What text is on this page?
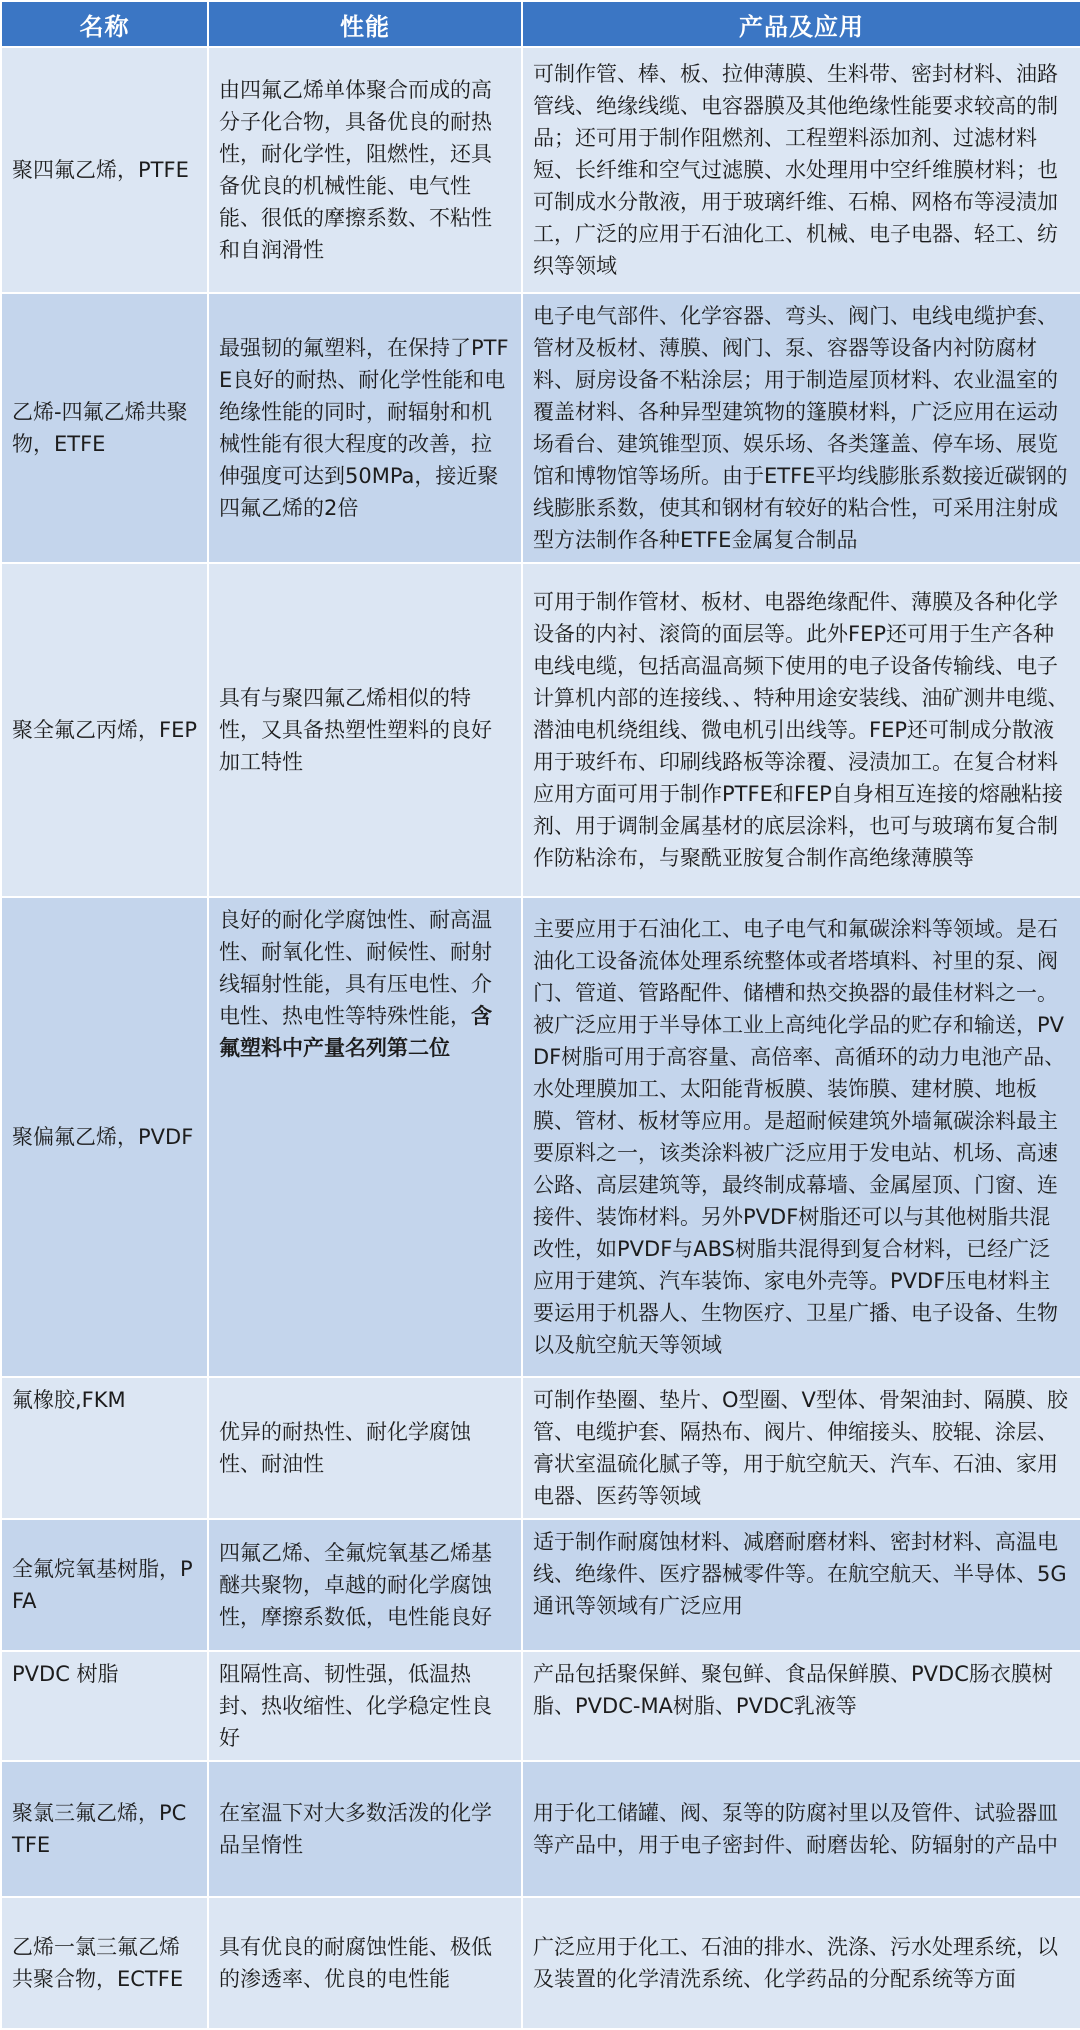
名称	性能	产品及应用
聚四氟乙烯，PTFE	由四氟乙烯单体聚合而成的高分子化合物，具备优良的耐热性，耐化学性，阻燃性，还具备优良的机械性能、电气性能、很低的摩擦系数、不粘性和自润滑性	可制作管、棒、板、拉伸薄膜、生料带、密封材料、油路管线、绝缘线缆、电容器膜及其他绝缘性能要求较高的制品；还可用于制作阻燃剂、工程塑料添加剂、过滤材料短、长纤维和空气过滤膜、水处理用中空纤维膜材料；也可制成水分散液，用于玻璃纤维、石棉、网格布等浸渍加工，广泛的应用于石油化工、机械、电子电器、轻工、纺织等领域
乙烯-四氟乙烯共聚物，ETFE	最强韧的氟塑料，在保持了PTFE良好的耐热、耐化学性能和电绝缘性能的同时，耐辐射和机械性能有很大程度的改善，拉伸强度可达到50MPa，接近聚四氟乙烯的2倍	电子电气部件、化学容器、弯头、阀门、电线电缆护套、管材及板材、薄膜、阀门、泵、容器等设备内衬防腐材料、厨房设备不粘涂层；用于制造屋顶材料、农业温室的覆盖材料、各种异型建筑物的篷膜材料，广泛应用在运动场看台、建筑锥型顶、娱乐场、各类篷盖、停车场、展览馆和博物馆等场所。由于ETFE平均线膨胀系数接近碳钢的线膨胀系数，使其和钢材有较好的粘合性，可采用注射成型方法制作各种ETFE金属复合制品
聚全氟乙丙烯，FEP	具有与聚四氟乙烯相似的特性，又具备热塑性塑料的良好加工特性	可用于制作管材、板材、电器绝缘配件、薄膜及各种化学设备的内衬、滚筒的面层等。此外FEP还可用于生产各种电线电缆，包括高温高频下使用的电子设备传输线、电子计算机内部的连接线、、特种用途安装线、油矿测井电缆、潜油电机绕组线、微电机引出线等。FEP还可制成分散液用于玻纤布、印刷线路板等涂覆、浸渍加工。在复合材料应用方面可用于制作PTFE和FEP自身相互连接的熔融粘接剂、用于调制金属基材的底层涂料，也可与玻璃布复合制作防粘涂布，与聚酰亚胺复合制作高绝缘薄膜等
聚偏氟乙烯，PVDF	良好的耐化学腐蚀性、耐高温性、耐氧化性、耐候性、耐射线辐射性能，具有压电性、介电性、热电性等特殊性能，含氟塑料中产量名列第二位	主要应用于石油化工、电子电气和氟碳涂料等领域。是石油化工设备流体处理系统整体或者塔填料、衬里的泵、阀门、管道、管路配件、储槽和热交换器的最佳材料之一。被广泛应用于半导体工业上高纯化学品的贮存和输送，PVDF树脂可用于高容量、高倍率、高循环的动力电池产品、水处理膜加工、太阳能背板膜、装饰膜、建材膜、地板膜、管材、板材等应用。是超耐候建筑外墙氟碳涂料最主要原料之一，该类涂料被广泛应用于发电站、机场、高速公路、高层建筑等，最终制成幕墙、金属屋顶、门窗、连接件、装饰材料。另外PVDF树脂还可以与其他树脂共混改性，如PVDF与ABS树脂共混得到复合材料，已经广泛应用于建筑、汽车装饰、家电外壳等。PVDF压电材料主要运用于机器人、生物医疗、卫星广播、电子设备、生物以及航空航天等领域
氟橡胶,FKM	优异的耐热性、耐化学腐蚀性、耐油性	可制作垫圈、垫片、O型圈、V型体、骨架油封、隔膜、胶管、电缆护套、隔热布、阀片、伸缩接头、胶辊、涂层、膏状室温硫化腻子等，用于航空航天、汽车、石油、家用电器、医药等领域
全氟烷氧基树脂，PFA	四氟乙烯、全氟烷氧基乙烯基醚共聚物，卓越的耐化学腐蚀性，摩擦系数低，电性能良好	适于制作耐腐蚀材料、减磨耐磨材料、密封材料、高温电线、绝缘件、医疗器械零件等。在航空航天、半导体、5G通讯等领域有广泛应用
PVDC 树脂	阻隔性高、韧性强，低温热封、热收缩性、化学稳定性良好	产品包括聚保鲜、聚包鲜、食品保鲜膜、PVDC肠衣膜树脂、PVDC-MA树脂、PVDC乳液等
聚氯三氟乙烯，PCTFE	在室温下对大多数活泼的化学品呈惰性	用于化工储罐、阀、泵等的防腐衬里以及管件、试验器皿等产品中，用于电子密封件、耐磨齿轮、防辐射的产品中
乙烯一氯三氟乙烯共聚合物，ECTFE	具有优良的耐腐蚀性能、极低的渗透率、优良的电性能	广泛应用于化工、石油的排水、洗涤、污水处理系统，以及装置的化学清洗系统、化学药品的分配系统等方面
